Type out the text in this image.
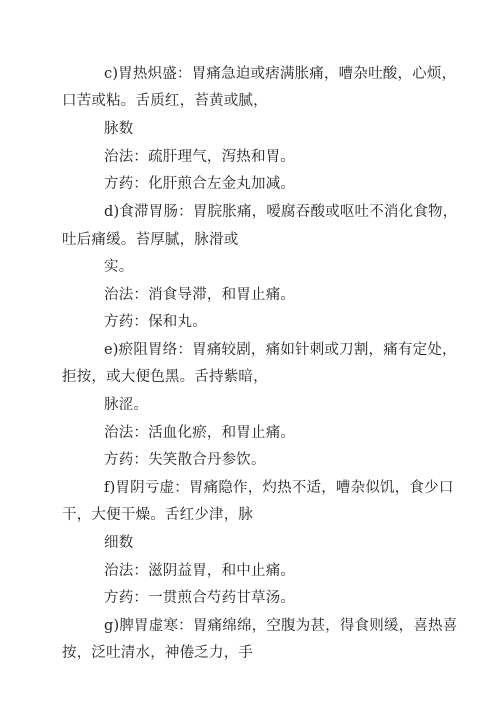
c)胃热炽盛：胃痛急迫或痞满胀痛，嘈杂吐酸，心烦，
口苦或粘。舌质红，苔黄或腻，
脉数
治法：疏肝理气，泻热和胃。
方药：化肝煎合左金丸加减。
d)食滞胃肠：胃脘胀痛，嗳腐吞酸或呕吐不消化食物，
吐后痛缓。苔厚腻，脉滑或
实。
治法：消食导滞，和胃止痛。
方药：保和丸。
e)瘀阻胃络：胃痛较剧，痛如针刺或刀割，痛有定处，
拒按，或大便色黑。舌持紫暗，
脉涩。
治法：活血化瘀，和胃止痛。
方药：失笑散合丹参饮。
f)胃阴亏虚：胃痛隐作，灼热不适，嘈杂似饥，食少口
干，大便干燥。舌红少津，脉
细数
治法：滋阴益胃，和中止痛。
方药：一贯煎合芍药甘草汤。
g)脾胃虚寒：胃痛绵绵，空腹为甚，得食则缓，喜热喜
按，泛吐清水，神倦乏力，手
